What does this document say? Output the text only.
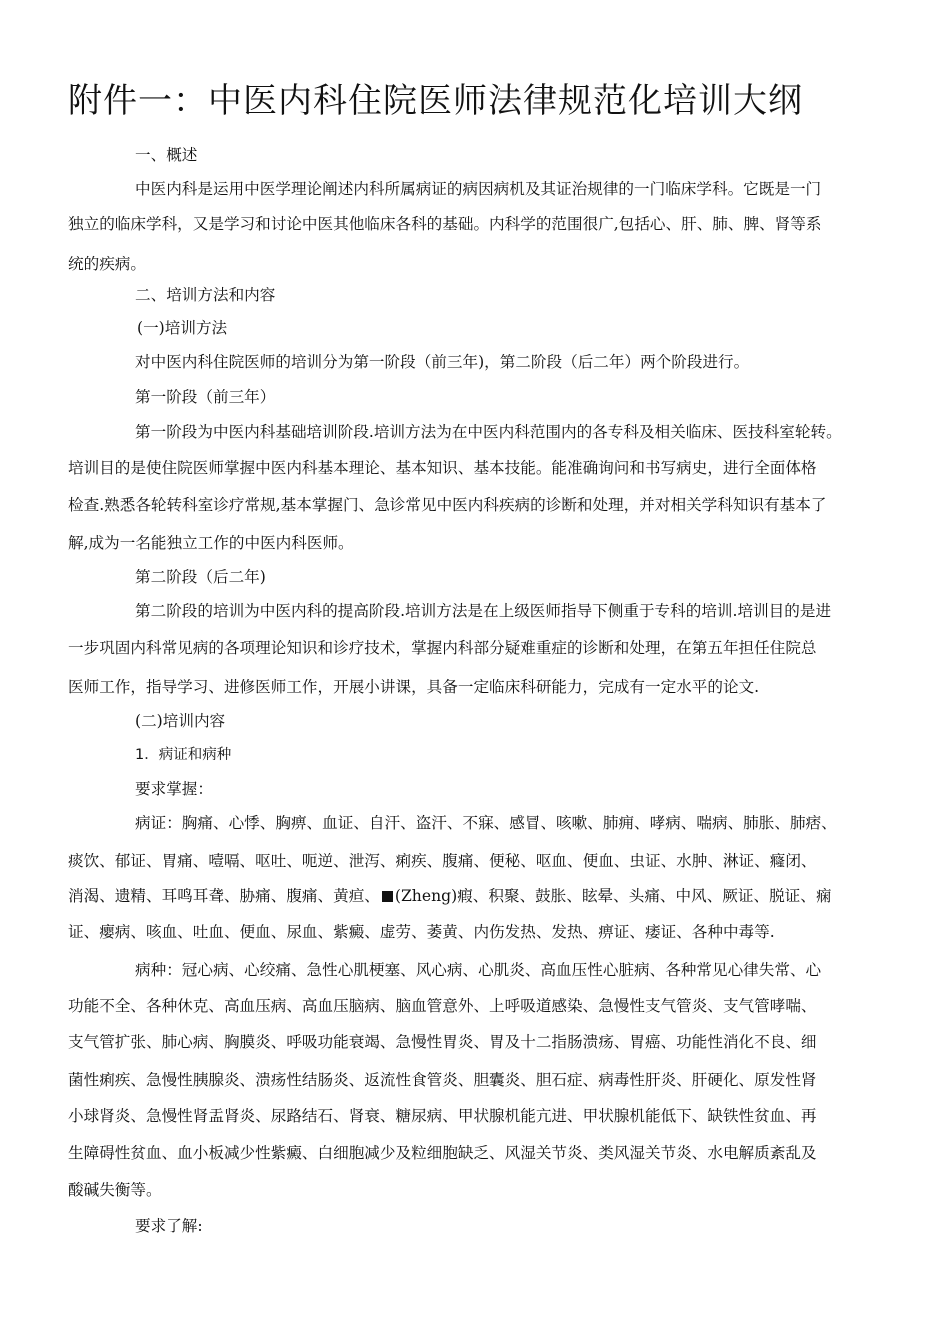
附件一：中医内科住院医师法律规范化培训大纲

一、概述

中医内科是运用中医学理论阐述内科所属病证的病因病机及其证治规律的一门临床学科。它既是一门

独立的临床学科，又是学习和讨论中医其他临床各科的基础。内科学的范围很广,包括心、肝、肺、脾、肾等系

统的疾病。

二、培训方法和内容

(一)培训方法

对中医内科住院医师的培训分为第一阶段（前三年)，第二阶段（后二年）两个阶段进行。

第一阶段（前三年）

第一阶段为中医内科基础培训阶段.培训方法为在中医内科范围内的各专科及相关临床、医技科室轮转。

培训目的是使住院医师掌握中医内科基本理论、基本知识、基本技能。能准确询问和书写病史，进行全面体格

检查.熟悉各轮转科室诊疗常规,基本掌握门、急诊常见中医内科疾病的诊断和处理，并对相关学科知识有基本了

解,成为一名能独立工作的中医内科医师。

第二阶段（后二年)

第二阶段的培训为中医内科的提高阶段.培训方法是在上级医师指导下侧重于专科的培训.培训目的是进

一步巩固内科常见病的各项理论知识和诊疗技术，掌握内科部分疑难重症的诊断和处理，在第五年担任住院总

医师工作，指导学习、进修医师工作，开展小讲课，具备一定临床科研能力，完成有一定水平的论文.

(二)培训内容

1．病证和病种

要求掌握：

病证：胸痛、心悸、胸痹、血证、自汗、盗汗、不寐、感冒、咳嗽、肺痈、哮病、喘病、肺胀、肺痞、

痰饮、郁证、胃痛、噎嗝、呕吐、呃逆、泄泻、痢疾、腹痛、便秘、呕血、便血、虫证、水肿、淋证、癃闭、

消渴、遗精、耳鸣耳聋、胁痛、腹痛、黄疸、 (Zheng)瘕、积聚、鼓胀、眩晕、头痛、中风、厥证、脱证、痫

证、瘿病、咳血、吐血、便血、尿血、紫癜、虚劳、萎黄、内伤发热、发热、痹证、痿证、各种中毒等.

病种：冠心病、心绞痛、急性心肌梗塞、风心病、心肌炎、高血压性心脏病、各种常见心律失常、心

功能不全、各种休克、高血压病、高血压脑病、脑血管意外、上呼吸道感染、急慢性支气管炎、支气管哮喘、

支气管扩张、肺心病、胸膜炎、呼吸功能衰竭、急慢性胃炎、胃及十二指肠溃疡、胃癌、功能性消化不良、细

菌性痢疾、急慢性胰腺炎、溃疡性结肠炎、返流性食管炎、胆囊炎、胆石症、病毒性肝炎、肝硬化、原发性肾

小球肾炎、急慢性肾盂肾炎、尿路结石、肾衰、糖尿病、甲状腺机能亢进、甲状腺机能低下、缺铁性贫血、再

生障碍性贫血、血小板减少性紫癜、白细胞减少及粒细胞缺乏、风湿关节炎、类风湿关节炎、水电解质紊乱及

酸碱失衡等。

要求了解:
